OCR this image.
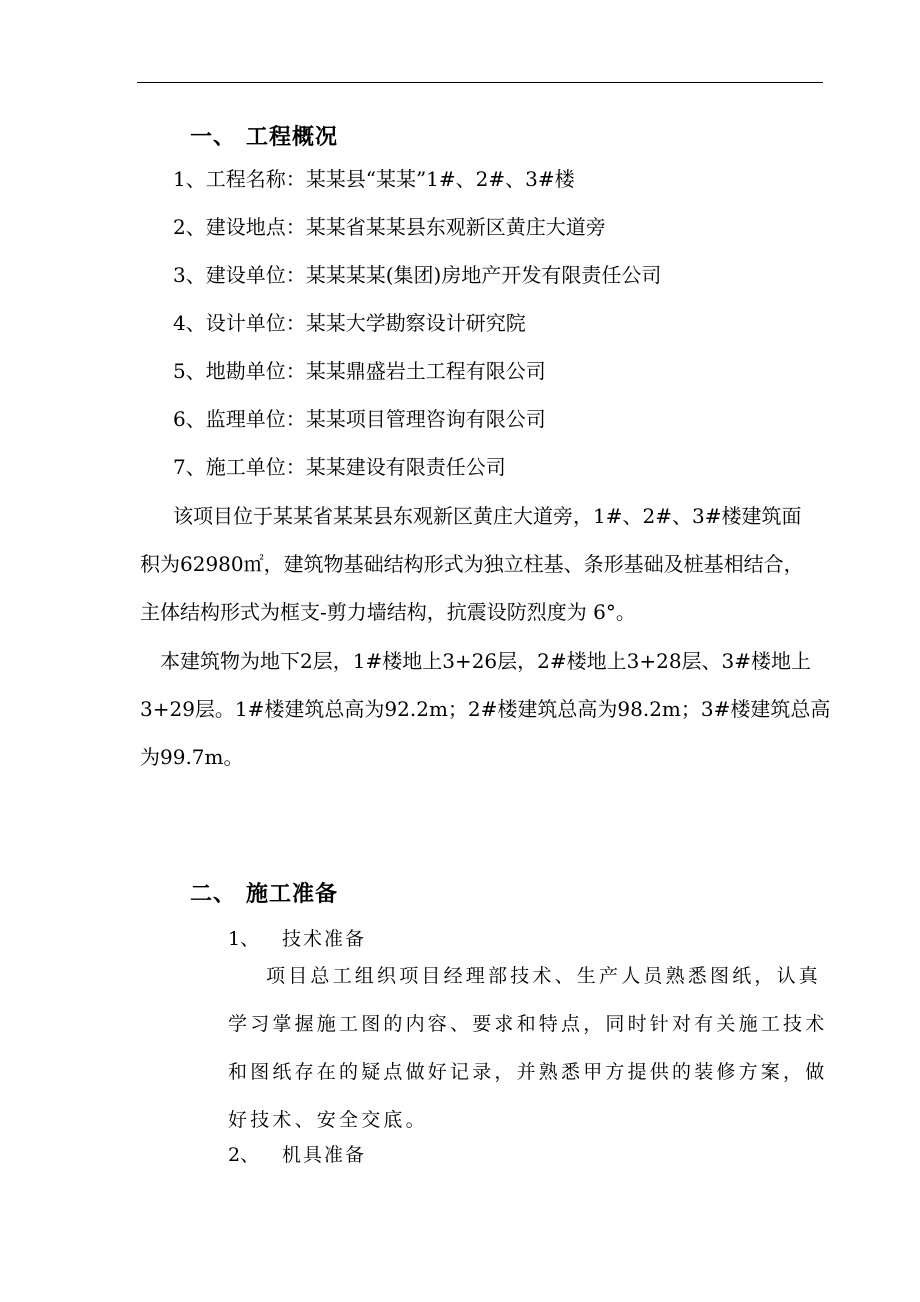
一、 工程概况
1、工程名称：某某县“某某”1#、2#、3#楼
2、建设地点：某某省某某县东观新区黄庄大道旁
3、建设单位：某某某某(集团)房地产开发有限责任公司
4、设计单位：某某大学勘察设计研究院
5、地勘单位：某某鼎盛岩土工程有限公司
6、监理单位：某某项目管理咨询有限公司
7、施工单位：某某建设有限责任公司
该项目位于某某省某某县东观新区黄庄大道旁，1#、2#、3#楼建筑面
积为62980㎡，建筑物基础结构形式为独立柱基、条形基础及桩基相结合，
主体结构形式为框支-剪力墙结构，抗震设防烈度为 6°。
本建筑物为地下2层，1#楼地上3+26层，2#楼地上3+28层、3#楼地上
3+29层。1#楼建筑总高为92.2m；2#楼建筑总高为98.2m；3#楼建筑总高
为99.7m。
二、 施工准备
1、 技术准备
项目总工组织项目经理部技术、生产人员熟悉图纸，认真
学习掌握施工图的内容、要求和特点，同时针对有关施工技术
和图纸存在的疑点做好记录，并熟悉甲方提供的装修方案，做
好技术、安全交底。
2、 机具准备
